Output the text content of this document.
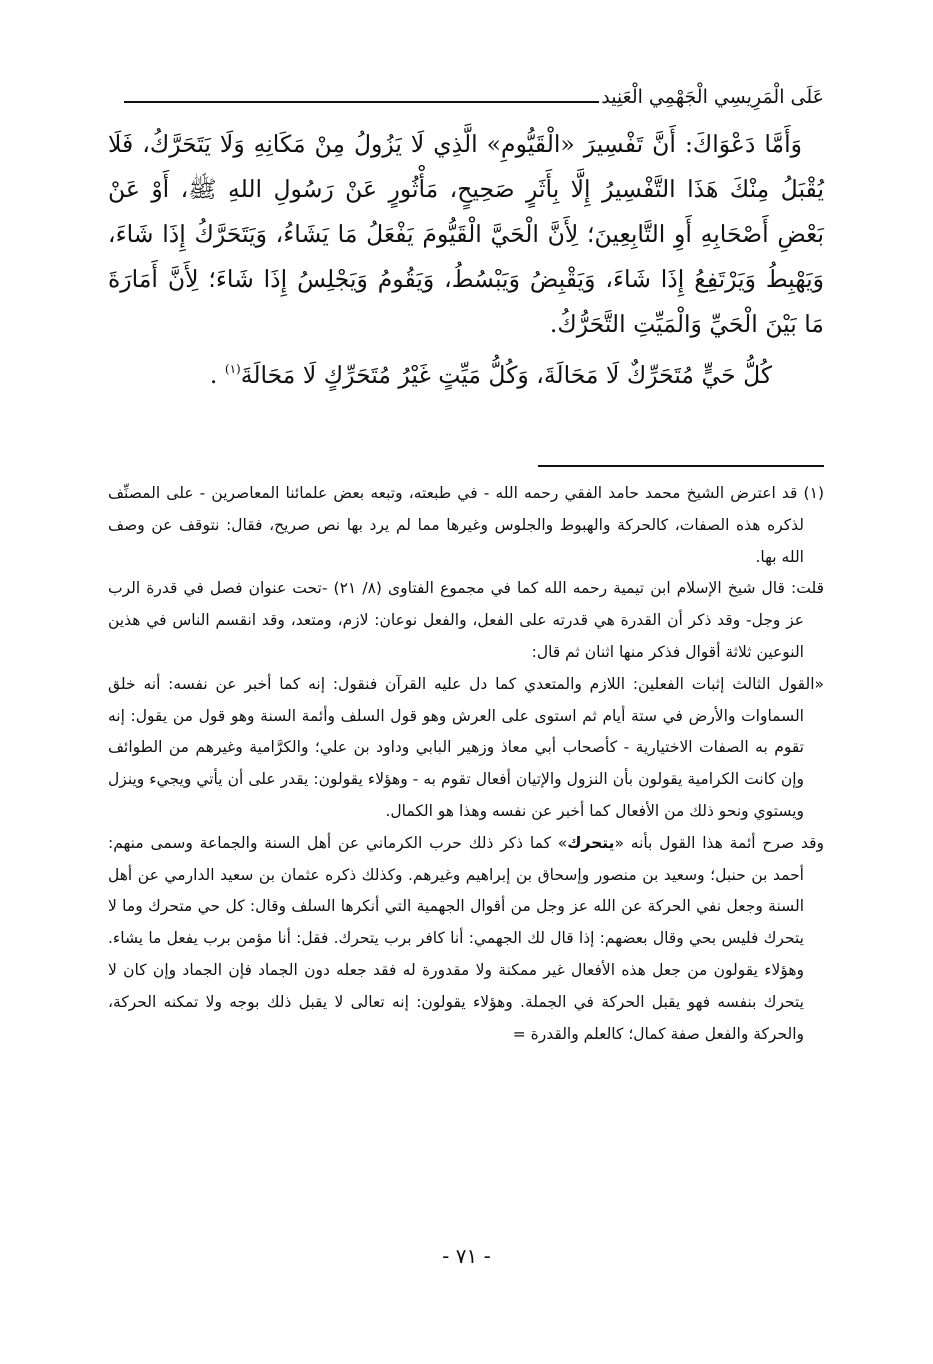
عَلَى الْمَرِيسِي الْجَهْمِي الْعَنِيد

وَأَمَّا دَعْوَاكَ: أَنَّ تَفْسِيرَ «الْقَيُّومِ» الَّذِي لَا يَزُولُ مِنْ مَكَانِهِ وَلَا يَتَحَرَّكُ، فَلَا يُقْبَلُ مِنْكَ هَذَا التَّفْسِيرُ إِلَّا بِأَثَرٍ صَحِيحٍ، مَأْثُورٍ عَنْ رَسُولِ اللهِ ﷺ، أَوْ عَنْ بَعْضِ أَصْحَابِهِ أَوِ التَّابِعِينَ؛ لِأَنَّ الْحَيَّ الْقَيُّومَ يَفْعَلُ مَا يَشَاءُ، وَيَتَحَرَّكُ إِذَا شَاءَ، وَيَهْبِطُ وَيَرْتَفِعُ إِذَا شَاءَ، وَيَقْبِضُ وَيَبْسُطُ، وَيَقُومُ وَيَجْلِسُ إِذَا شَاءَ؛ لِأَنَّ أَمَارَةَ مَا بَيْنَ الْحَيِّ وَالْمَيِّتِ التَّحَرُّكُ.

كُلُّ حَيٍّ مُتَحَرِّكٌ لَا مَحَالَةَ، وَكُلُّ مَيِّتٍ غَيْرُ مُتَحَرِّكٍ لَا مَحَالَةَ$^{(١)}$ .

(١) قد اعترض الشيخ محمد حامد الفقي رحمه الله - في طبعته، وتبعه بعض علمائنا المعاصرين - على المصنِّف لذكره هذه الصفات، كالحركة والهبوط والجلوس وغيرها مما لم يرد بها نص صريح، فقال: نتوقف عن وصف الله بها.

قلت: قال شيخ الإسلام ابن تيمية رحمه الله كما في مجموع الفتاوى (٨/ ٢١) -تحت عنوان فصل في قدرة الرب عز وجل- وقد ذكر أن القدرة هي قدرته على الفعل، والفعل نوعان: لازم، ومتعد، وقد انقسم الناس في هذين النوعين ثلاثة أقوال فذكر منها اثنان ثم قال:

«القول الثالث إثبات الفعلين: اللازم والمتعدي كما دل عليه القرآن فنقول: إنه كما أخبر عن نفسه: أنه خلق السماوات والأرض في ستة أيام ثم استوى على العرش وهو قول السلف وأئمة السنة وهو قول من يقول: إنه تقوم به الصفات الاختيارية - كأصحاب أبي معاذ وزهير البابي وداود بن علي؛ والكرَّامية وغيرهم من الطوائف وإن كانت الكرامية يقولون بأن النزول والإتيان أفعال تقوم به - وهؤلاء يقولون: يقدر على أن يأتي ويجيء وينزل ويستوي ونحو ذلك من الأفعال كما أخبر عن نفسه وهذا هو الكمال.

وقد صرح أئمة هذا القول بأنه «يتحرك» كما ذكر ذلك حرب الكرماني عن أهل السنة والجماعة وسمى منهم: أحمد بن حنبل؛ وسعيد بن منصور وإسحاق بن إبراهيم وغيرهم. وكذلك ذكره عثمان بن سعيد الدارمي عن أهل السنة وجعل نفي الحركة عن الله عز وجل من أقوال الجهمية التي أنكرها السلف وقال: كل حي متحرك وما لا يتحرك فليس بحي وقال بعضهم: إذا قال لك الجهمي: أنا كافر برب يتحرك. فقل: أنا مؤمن برب يفعل ما يشاء. وهؤلاء يقولون من جعل هذه الأفعال غير ممكنة ولا مقدورة له فقد جعله دون الجماد فإن الجماد وإن كان لا يتحرك بنفسه فهو يقبل الحركة في الجملة. وهؤلاء يقولون: إنه تعالى لا يقبل ذلك بوجه ولا تمكنه الحركة، والحركة والفعل صفة كمال؛ كالعلم والقدرة =

- ٧١ -
